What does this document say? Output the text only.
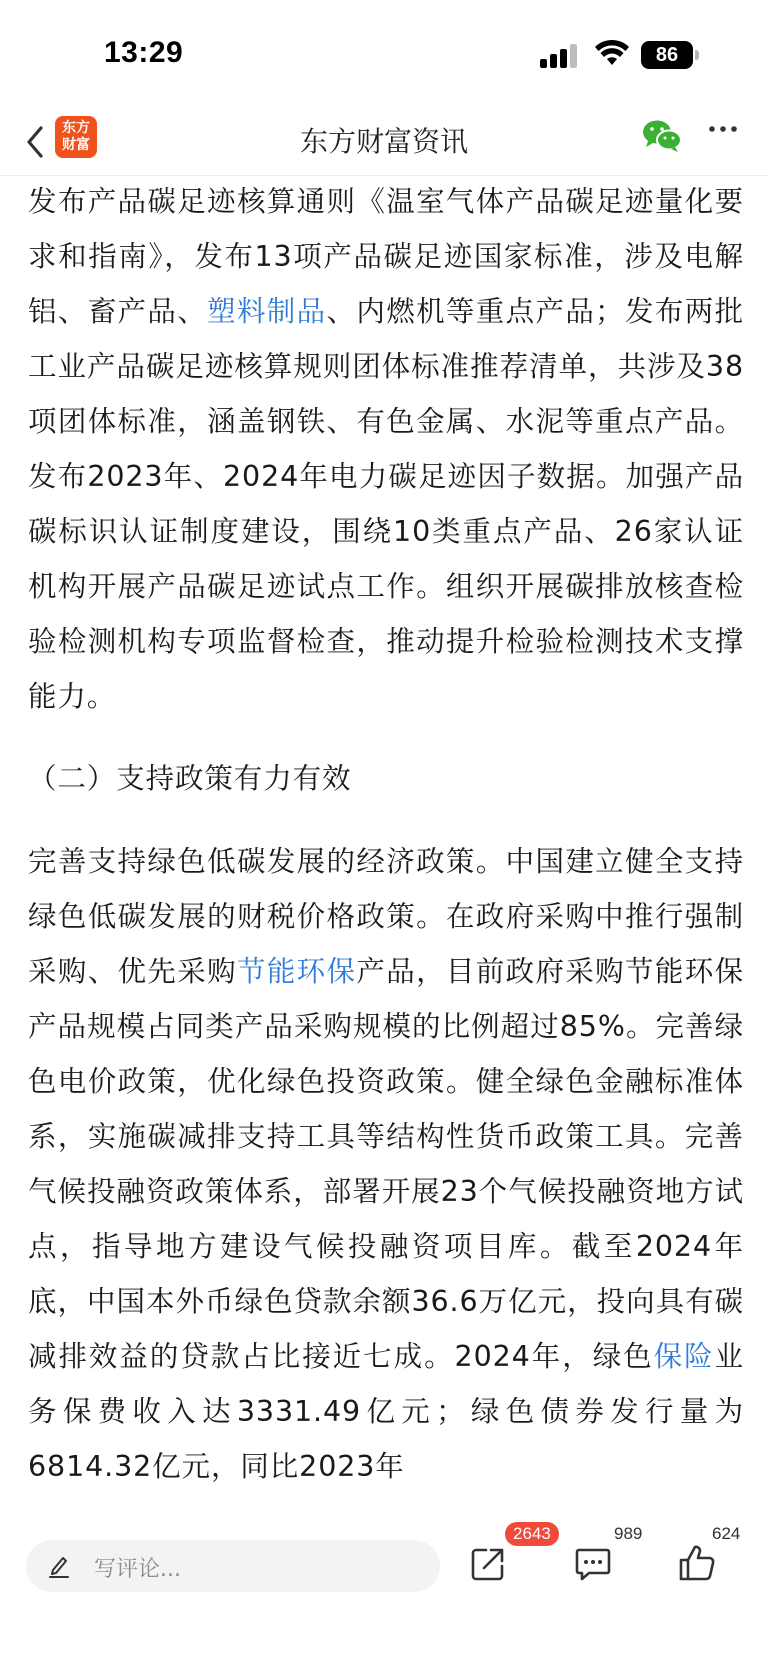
13:29	86
东方财富资讯
东方
财富

发布产品碳足迹核算通则《温室气体产品碳足迹量化要求和指南》，发布13项产品碳足迹国家标准，涉及电解铝、畜产品、塑料制品、内燃机等重点产品；发布两批工业产品碳足迹核算规则团体标准推荐清单，共涉及38项团体标准，涵盖钢铁、有色金属、水泥等重点产品。发布2023年、2024年电力碳足迹因子数据。加强产品碳标识认证制度建设，围绕10类重点产品、26家认证机构开展产品碳足迹试点工作。组织开展碳排放核查检验检测机构专项监督检查，推动提升检验检测技术支撑能力。

（二）支持政策有力有效

完善支持绿色低碳发展的经济政策。中国建立健全支持绿色低碳发展的财税价格政策。在政府采购中推行强制采购、优先采购节能环保产品，目前政府采购节能环保产品规模占同类产品采购规模的比例超过85%。完善绿色电价政策，优化绿色投资政策。健全绿色金融标准体系，实施碳减排支持工具等结构性货币政策工具。完善气候投融资政策体系，部署开展23个气候投融资地方试点，指导地方建设气候投融资项目库。截至2024年底，中国本外币绿色贷款余额36.6万亿元，投向具有碳减排效益的贷款占比接近七成。2024年，绿色保险业务保费收入达3331.49亿元；绿色债券发行量为6814.32亿元，同比2023年

写评论...
2643	989	624
